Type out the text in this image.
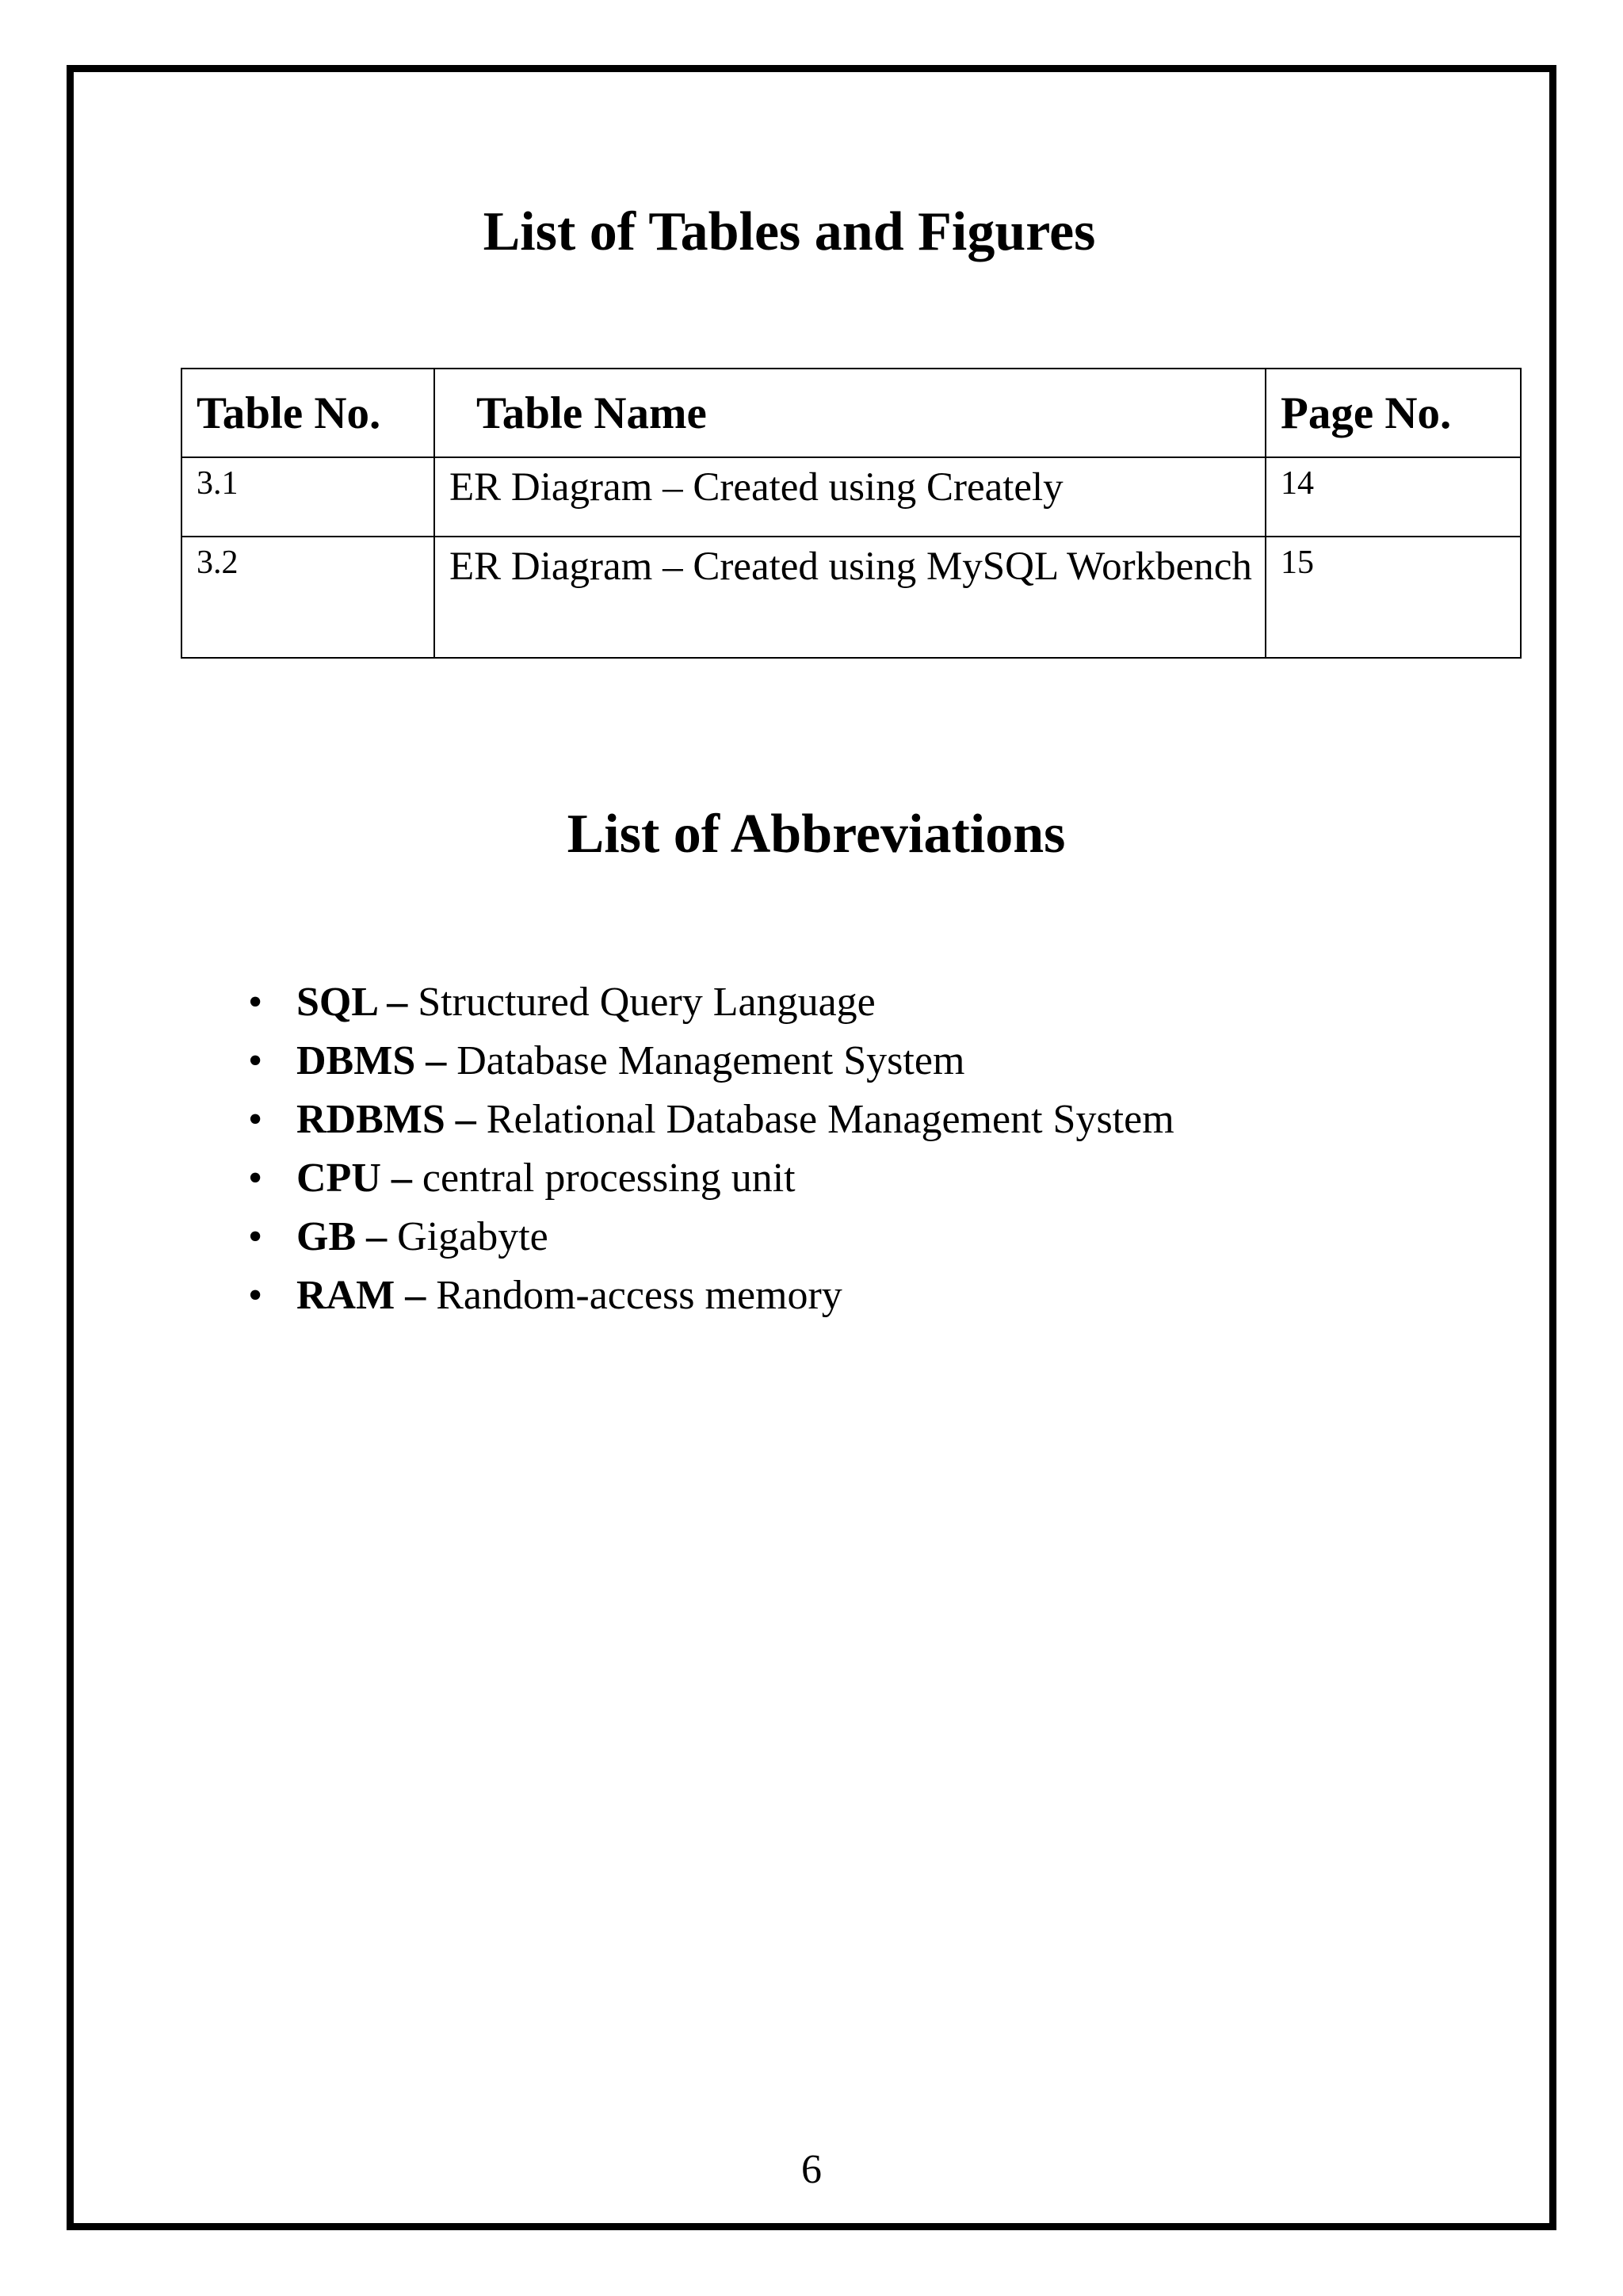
List of Tables and Figures
Table No.	Table Name	Page No.
3.1	ER Diagram – Created using Creately	14
3.2	ER Diagram – Created using MySQL Workbench	15
List of Abbreviations
• SQL – Structured Query Language
• DBMS – Database Management System
• RDBMS – Relational Database Management System
• CPU – central processing unit
• GB – Gigabyte
• RAM – Random-access memory
6
